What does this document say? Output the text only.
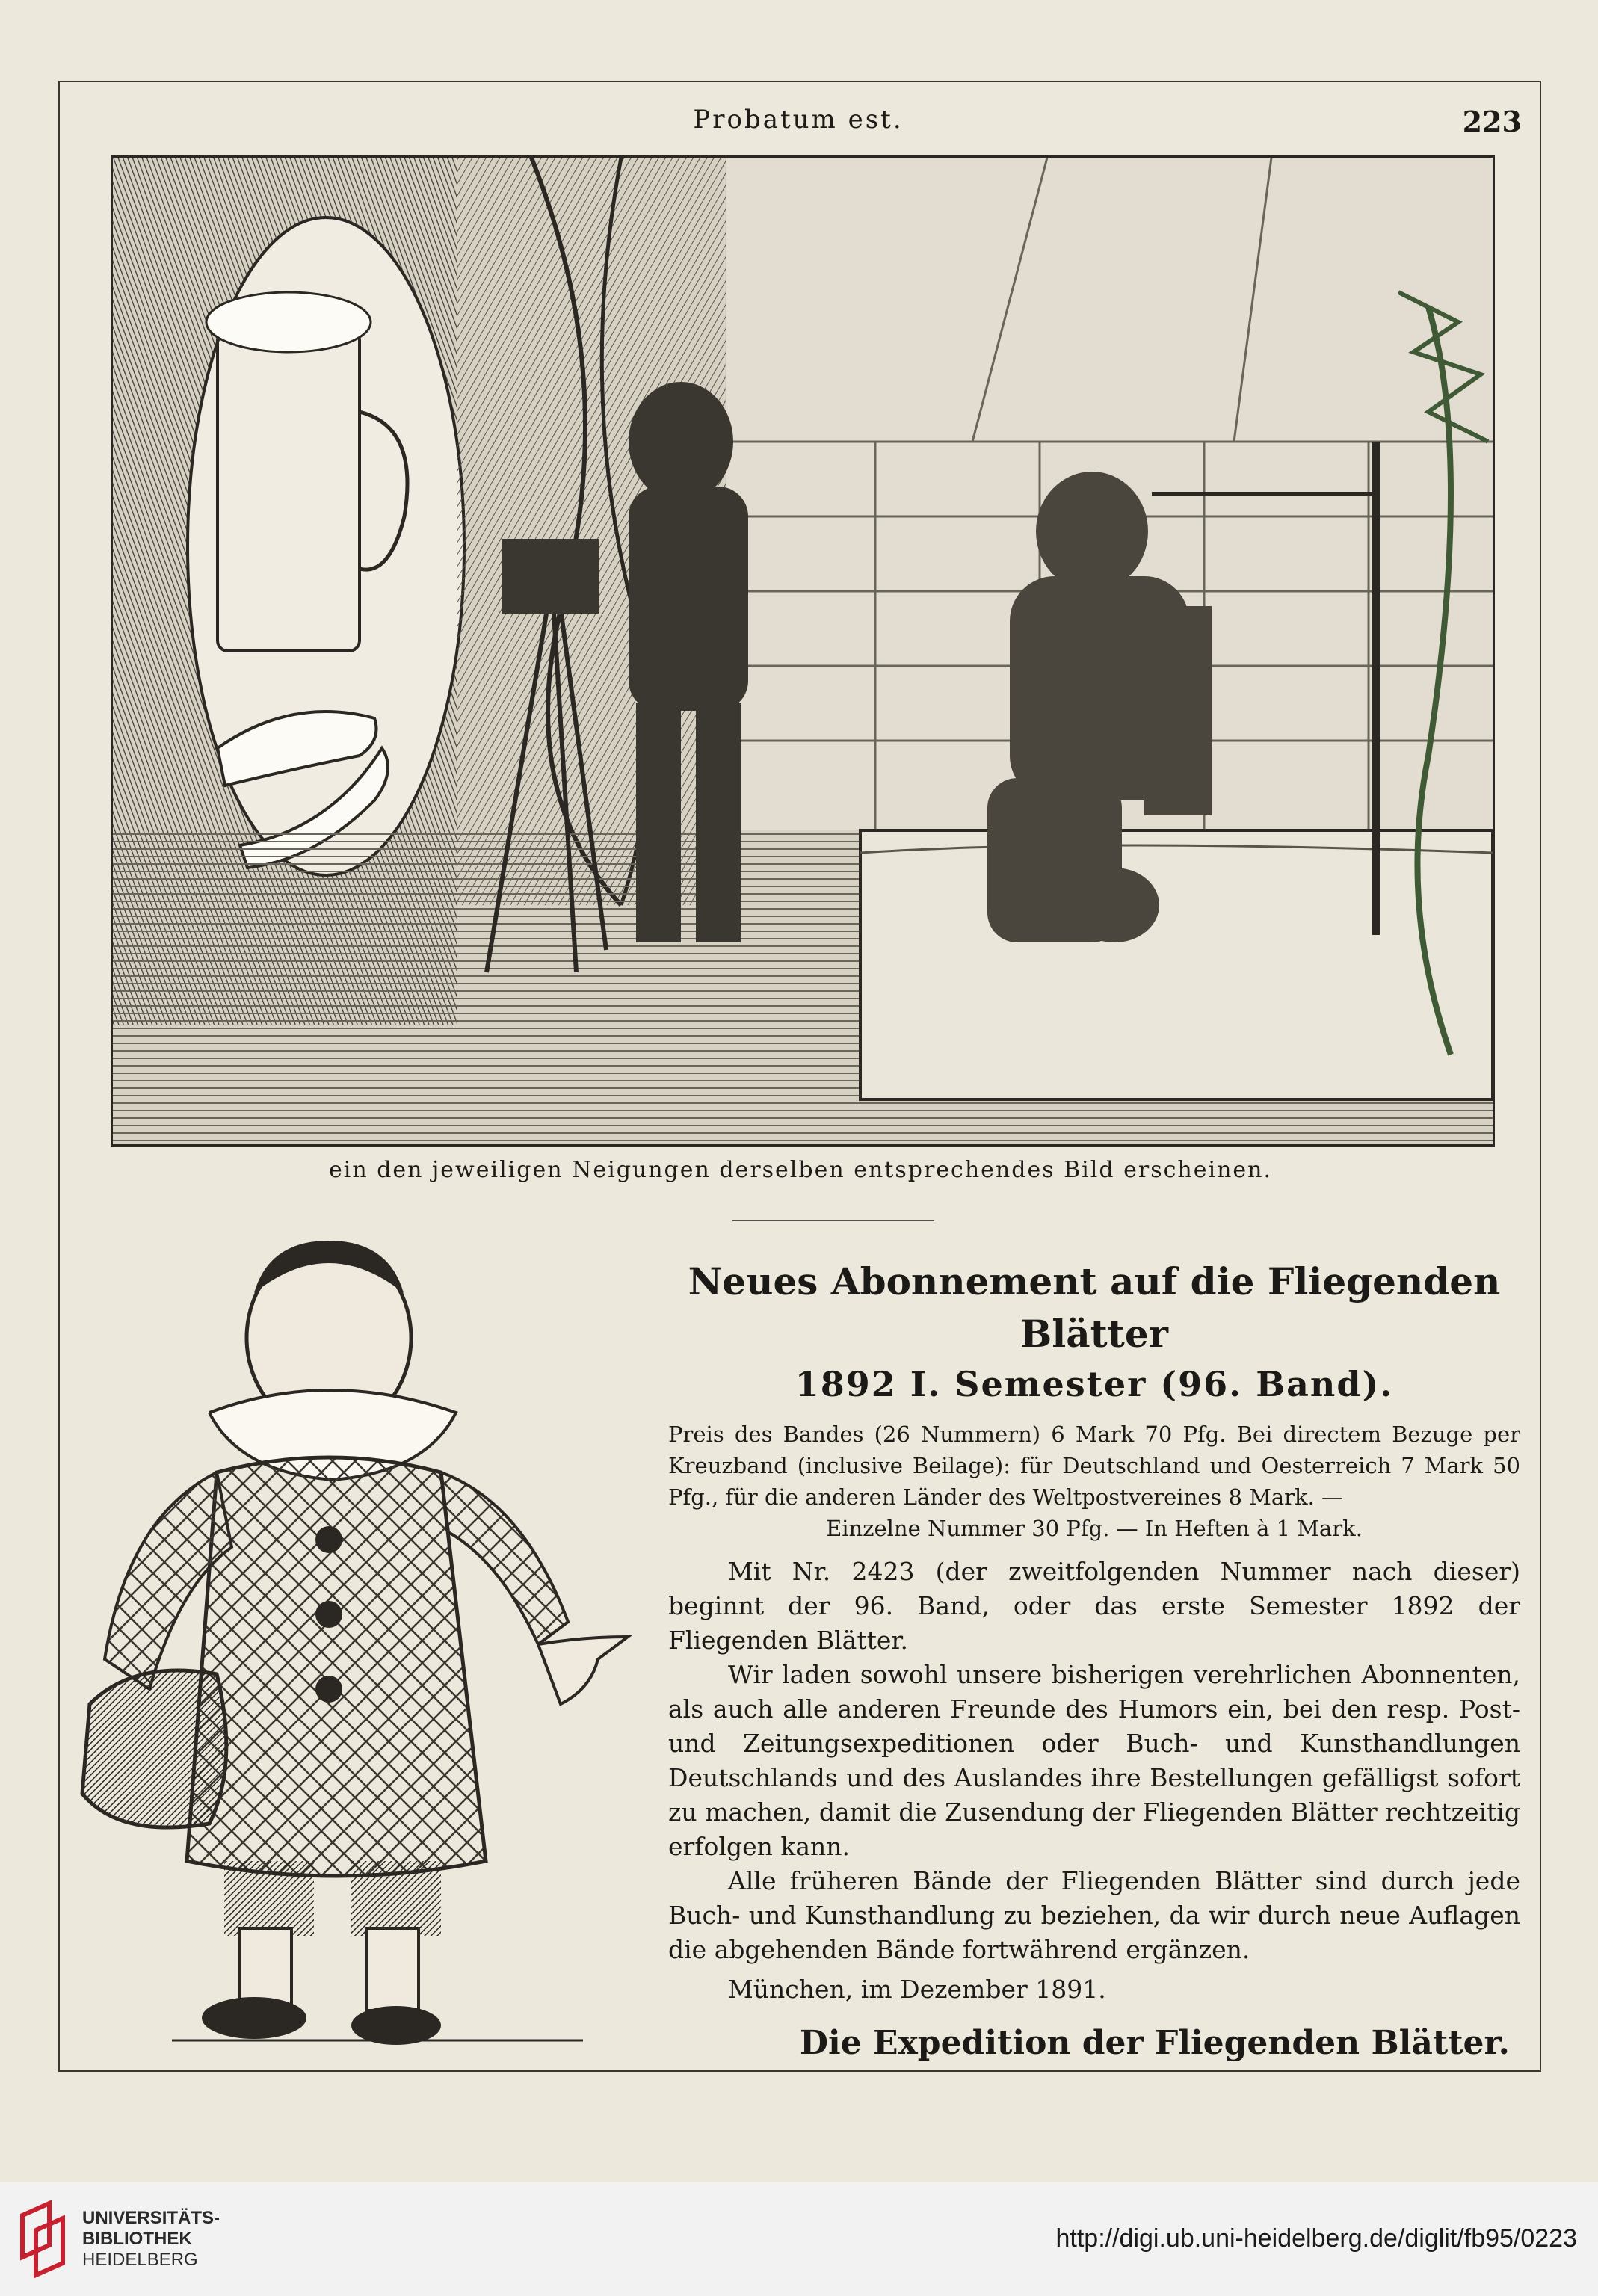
Probatum est.	223
ein den jeweiligen Neigungen derselben entsprechendes Bild erscheinen.

Neues Abonnement auf die Fliegenden Blätter

1892 I. Semester (96. Band).

Preis des Bandes (26 Nummern) 6 Mark 70 Pfg. Bei directem Bezuge per Kreuzband (inclusive Beilage): für Deutschland und Oesterreich 7 Mark 50 Pfg., für die anderen Länder des Weltpostvereines 8 Mark. —

Einzelne Nummer 30 Pfg. — In Heften à 1 Mark.

Mit Nr. 2423 (der zweitfolgenden Nummer nach dieser) beginnt der 96. Band, oder das erste Semester 1892 der Fliegenden Blätter.

Wir laden sowohl unsere bisherigen verehrlichen Abonnenten, als auch alle anderen Freunde des Humors ein, bei den resp. Post- und Zeitungsexpeditionen oder Buch- und Kunsthandlungen Deutschlands und des Auslandes ihre Bestellungen gefälligst sofort zu machen, damit die Zusendung der Fliegenden Blätter rechtzeitig erfolgen kann.

Alle früheren Bände der Fliegenden Blätter sind durch jede Buch- und Kunsthandlung zu beziehen, da wir durch neue Auflagen die abgehenden Bände fortwährend ergänzen.

München, im Dezember 1891.

Die Expedition der Fliegenden Blätter.

UNIVERSITÄTS-
BIBLIOTHEK
HEIDELBERG
http://digi.ub.uni-heidelberg.de/diglit/fb95/0223
